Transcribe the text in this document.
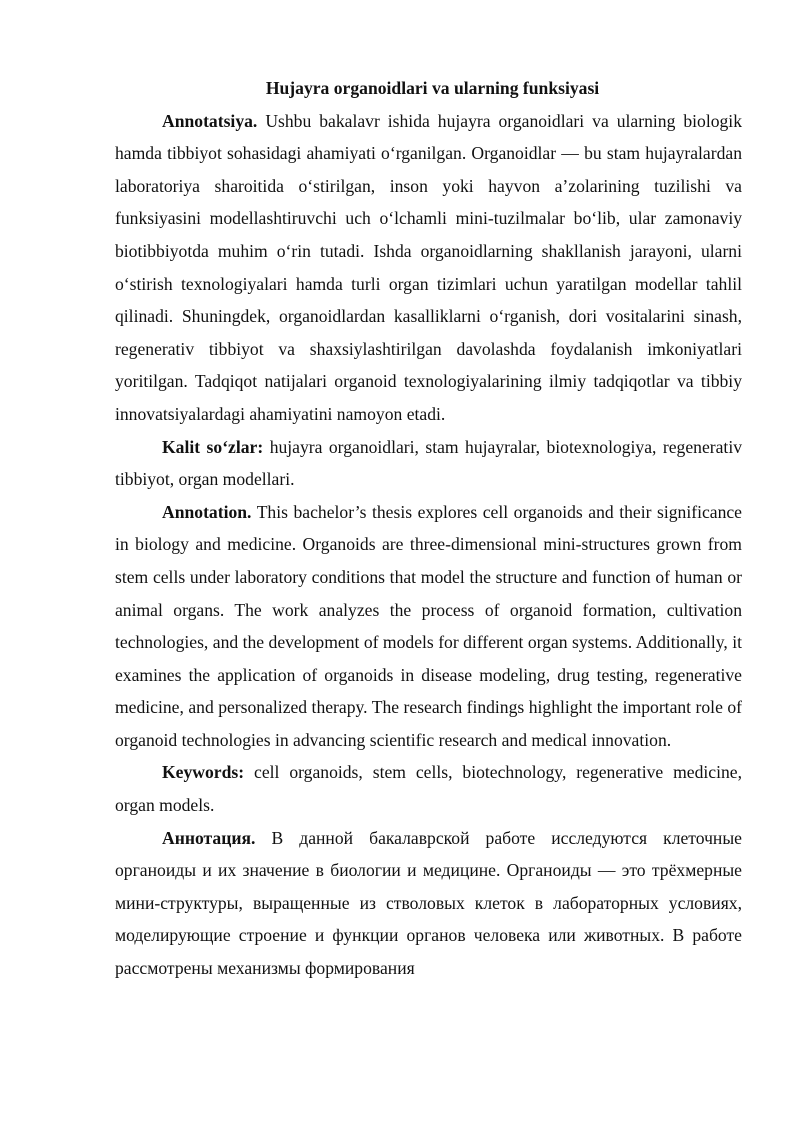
Hujayra organoidlari va ularning funksiyasi

Annotatsiya. Ushbu bakalavr ishida hujayra organoidlari va ularning biologik hamda tibbiyot sohasidagi ahamiyati o‘rganilgan. Organoidlar — bu stam hujayralardan laboratoriya sharoitida o‘stirilgan, inson yoki hayvon a’zolarining tuzilishi va funksiyasini modellashtiruvchi uch o‘lchamli mini-tuzilmalar bo‘lib, ular zamonaviy biotibbiyotda muhim o‘rin tutadi. Ishda organoidlarning shakllanish jarayoni, ularni o‘stirish texnologiyalari hamda turli organ tizimlari uchun yaratilgan modellar tahlil qilinadi. Shuningdek, organoidlardan kasalliklarni o‘rganish, dori vositalarini sinash, regenerativ tibbiyot va shaxsiylashtirilgan davolashda foydalanish imkoniyatlari yoritilgan. Tadqiqot natijalari organoid texnologiyalarining ilmiy tadqiqotlar va tibbiy innovatsiyalardagi ahamiyatini namoyon etadi.

Kalit so‘zlar: hujayra organoidlari, stam hujayralar, biotexnologiya, regenerativ tibbiyot, organ modellari.

Annotation. This bachelor’s thesis explores cell organoids and their significance in biology and medicine. Organoids are three-dimensional mini-structures grown from stem cells under laboratory conditions that model the structure and function of human or animal organs. The work analyzes the process of organoid formation, cultivation technologies, and the development of models for different organ systems. Additionally, it examines the application of organoids in disease modeling, drug testing, regenerative medicine, and personalized therapy. The research findings highlight the important role of organoid technologies in advancing scientific research and medical innovation.

Keywords: cell organoids, stem cells, biotechnology, regenerative medicine, organ models.

Аннотация. В данной бакалаврской работе исследуются клеточные органоиды и их значение в биологии и медицине. Органоиды — это трёхмерные мини-структуры, выращенные из стволовых клеток в лабораторных условиях, моделирующие строение и функции органов человека или животных. В работе рассмотрены механизмы формирования
